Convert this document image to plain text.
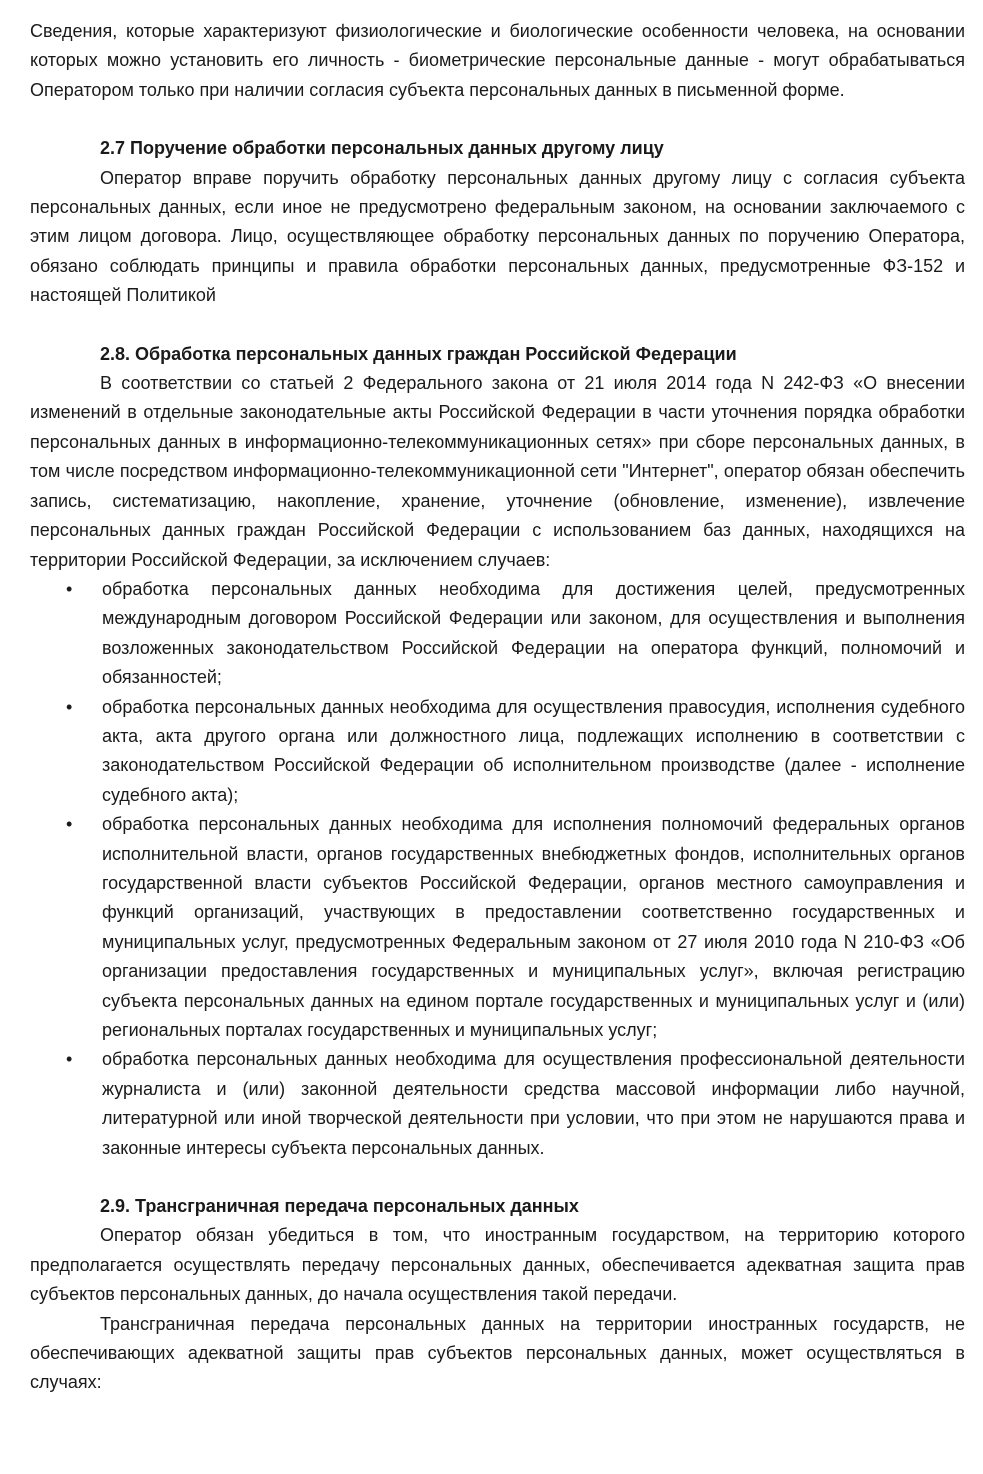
Сведения, которые характеризуют физиологические и биологические особенности человека, на основании которых можно установить его личность - биометрические персональные данные - могут обрабатываться Оператором только при наличии согласия субъекта персональных данных в письменной форме.

2.7 Поручение обработки персональных данных другому лицу

Оператор вправе поручить обработку персональных данных другому лицу с согласия субъекта персональных данных, если иное не предусмотрено федеральным законом, на основании заключаемого с этим лицом договора. Лицо, осуществляющее обработку персональных данных по поручению Оператора, обязано соблюдать принципы и правила обработки персональных данных, предусмотренные ФЗ-152 и настоящей Политикой

2.8. Обработка персональных данных граждан Российской Федерации

В соответствии со статьей 2 Федерального закона от 21 июля 2014 года N 242-ФЗ «О внесении изменений в отдельные законодательные акты Российской Федерации в части уточнения порядка обработки персональных данных в информационно-телекоммуникационных сетях» при сборе персональных данных, в том числе посредством информационно-телекоммуникационной сети "Интернет", оператор обязан обеспечить запись, систематизацию, накопление, хранение, уточнение (обновление, изменение), извлечение персональных данных граждан Российской Федерации с использованием баз данных, находящихся на территории Российской Федерации, за исключением случаев:

• обработка персональных данных необходима для достижения целей, предусмотренных международным договором Российской Федерации или законом, для осуществления и выполнения возложенных законодательством Российской Федерации на оператора функций, полномочий и обязанностей;
• обработка персональных данных необходима для осуществления правосудия, исполнения судебного акта, акта другого органа или должностного лица, подлежащих исполнению в соответствии с законодательством Российской Федерации об исполнительном производстве (далее - исполнение судебного акта);
• обработка персональных данных необходима для исполнения полномочий федеральных органов исполнительной власти, органов государственных внебюджетных фондов, исполнительных органов государственной власти субъектов Российской Федерации, органов местного самоуправления и функций организаций, участвующих в предоставлении соответственно государственных и муниципальных услуг, предусмотренных Федеральным законом от 27 июля 2010 года N 210-ФЗ «Об организации предоставления государственных и муниципальных услуг», включая регистрацию субъекта персональных данных на едином портале государственных и муниципальных услуг и (или) региональных порталах государственных и муниципальных услуг;
• обработка персональных данных необходима для осуществления профессиональной деятельности журналиста и (или) законной деятельности средства массовой информации либо научной, литературной или иной творческой деятельности при условии, что при этом не нарушаются права и законные интересы субъекта персональных данных.
2.9. Трансграничная передача персональных данных

Оператор обязан убедиться в том, что иностранным государством, на территорию которого предполагается осуществлять передачу персональных данных, обеспечивается адекватная защита прав субъектов персональных данных, до начала осуществления такой передачи.

Трансграничная передача персональных данных на территории иностранных государств, не обеспечивающих адекватной защиты прав субъектов персональных данных, может осуществляться в случаях:
